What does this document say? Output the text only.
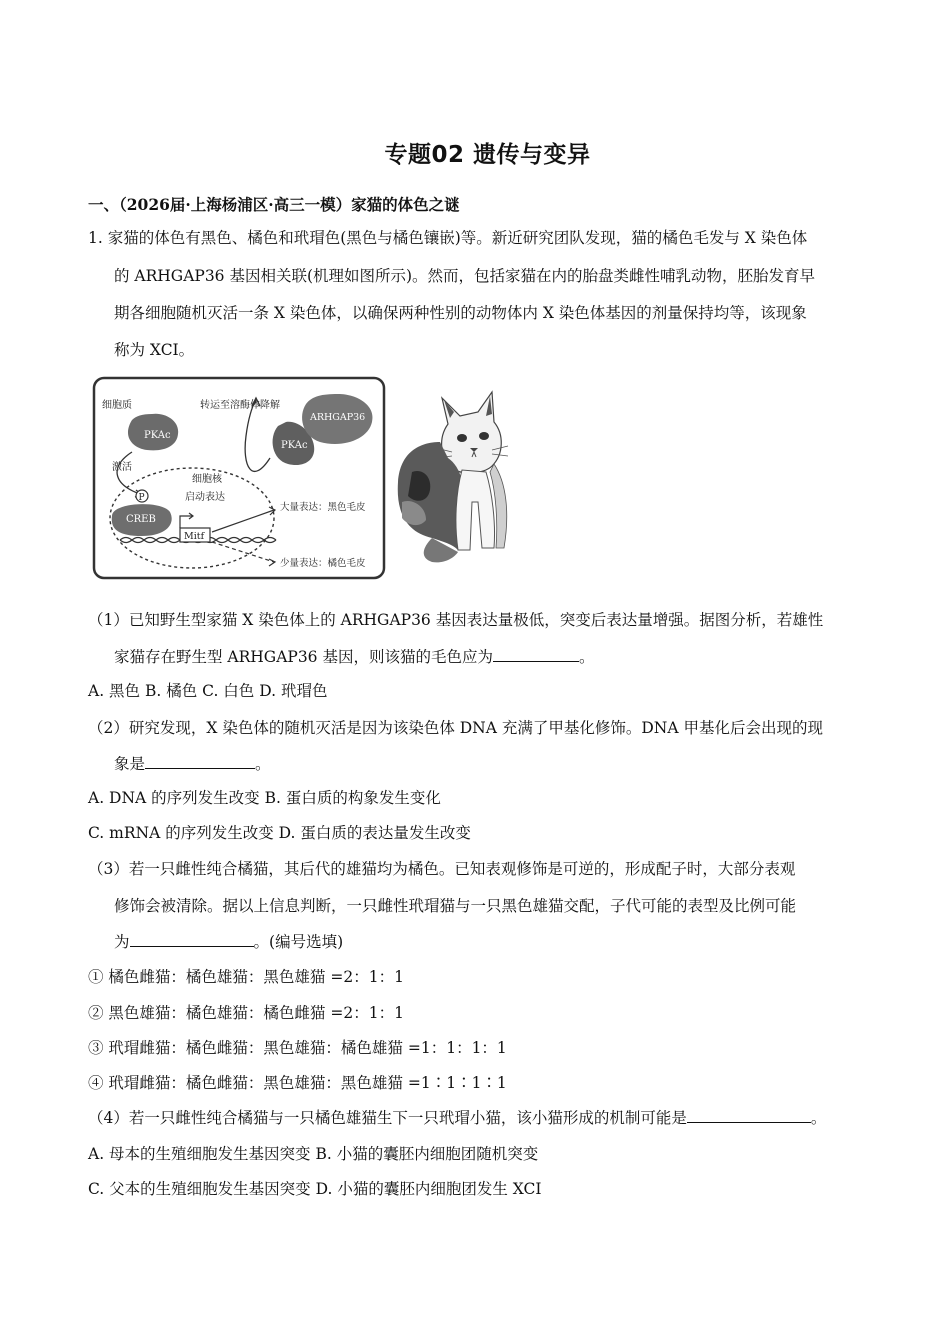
专题02 遗传与变异
一、（2026届·上海杨浦区·高三一模）家猫的体色之谜
1. 家猫的体色有黑色、橘色和玳瑁色(黑色与橘色镶嵌)等。新近研究团队发现，猫的橘色毛发与 X 染色体
的 ARHGAP36 基因相关联(机理如图所示)。然而，包括家猫在内的胎盘类雌性哺乳动物，胚胎发育早
期各细胞随机灭活一条 X 染色体，以确保两种性别的动物体内 X 染色体基因的剂量保持均等，该现象
称为 XCI。
细胞质	转运至溶酶体降解
PKAc
PKAc
ARHGAP36
激活
细胞核
P	启动表达
CREB
Mitf
大量表达：黑色毛皮
少量表达：橘色毛皮
（1）已知野生型家猫 X 染色体上的 ARHGAP36 基因表达量极低，突变后表达量增强。据图分析，若雄性
家猫存在野生型 ARHGAP36 基因，则该猫的毛色应为	。
A. 黑色 B. 橘色 C. 白色 D. 玳瑁色
（2）研究发现，X 染色体的随机灭活是因为该染色体 DNA 充满了甲基化修饰。DNA 甲基化后会出现的现
象是	。
A. DNA 的序列发生改变 B. 蛋白质的构象发生变化
C. mRNA 的序列发生改变 D. 蛋白质的表达量发生改变
（3）若一只雌性纯合橘猫，其后代的雄猫均为橘色。已知表观修饰是可逆的，形成配子时，大部分表观
修饰会被清除。据以上信息判断，一只雌性玳瑁猫与一只黑色雄猫交配，子代可能的表型及比例可能
为	。(编号选填)
① 橘色雌猫：橘色雄猫：黑色雄猫 =2：1：1
② 黑色雄猫：橘色雄猫：橘色雌猫 =2：1：1
③ 玳瑁雌猫：橘色雌猫：黑色雄猫：橘色雄猫 =1：1：1：1
④ 玳瑁雌猫：橘色雌猫：黑色雄猫：黑色雄猫 =1∶1∶1∶1
（4）若一只雌性纯合橘猫与一只橘色雄猫生下一只玳瑁小猫，该小猫形成的机制可能是	。
A. 母本的生殖细胞发生基因突变 B. 小猫的囊胚内细胞团随机突变
C. 父本的生殖细胞发生基因突变 D. 小猫的囊胚内细胞团发生 XCI
